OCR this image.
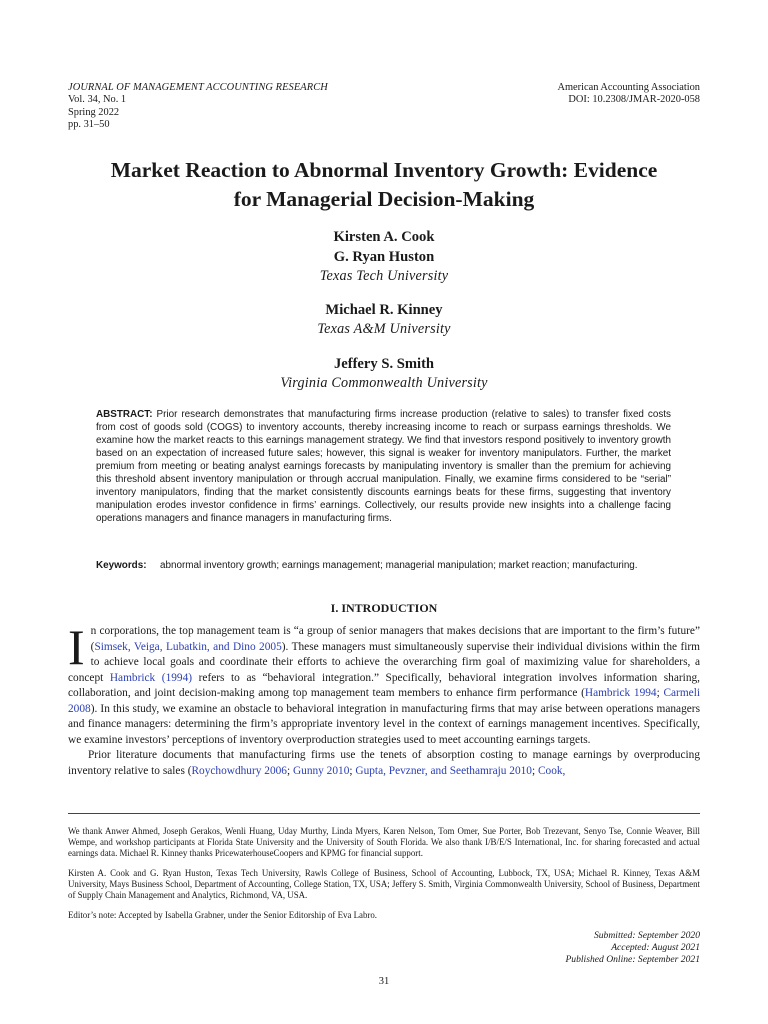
JOURNAL OF MANAGEMENT ACCOUNTING RESEARCH
Vol. 34, No. 1
Spring 2022
pp. 31–50
American Accounting Association
DOI: 10.2308/JMAR-2020-058
Market Reaction to Abnormal Inventory Growth: Evidence
for Managerial Decision-Making
Kirsten A. Cook
G. Ryan Huston
Texas Tech University
Michael R. Kinney
Texas A&M University
Jeffery S. Smith
Virginia Commonwealth University
ABSTRACT: Prior research demonstrates that manufacturing firms increase production (relative to sales) to transfer fixed costs from cost of goods sold (COGS) to inventory accounts, thereby increasing income to reach or surpass earnings thresholds. We examine how the market reacts to this earnings management strategy. We find that investors respond positively to inventory growth based on an expectation of increased future sales; however, this signal is weaker for inventory manipulators. Further, the market premium from meeting or beating analyst earnings forecasts by manipulating inventory is smaller than the premium for achieving this threshold absent inventory manipulation or through accrual manipulation. Finally, we examine firms considered to be “serial” inventory manipulators, finding that the market consistently discounts earnings beats for these firms, suggesting that inventory manipulation erodes investor confidence in firms’ earnings. Collectively, our results provide new insights into a challenge facing operations managers and finance managers in manufacturing firms.
Keywords: abnormal inventory growth; earnings management; managerial manipulation; market reaction; manufacturing.
I. INTRODUCTION

In corporations, the top management team is “a group of senior managers that makes decisions that are important to the firm’s future” (Simsek, Veiga, Lubatkin, and Dino 2005). These managers must simultaneously supervise their individual divisions within the firm to achieve local goals and coordinate their efforts to achieve the overarching firm goal of maximizing value for shareholders, a concept Hambrick (1994) refers to as “behavioral integration.” Specifically, behavioral integration involves information sharing, collaboration, and joint decision-making among top management team members to enhance firm performance (Hambrick 1994; Carmeli 2008). In this study, we examine an obstacle to behavioral integration in manufacturing firms that may arise between operations managers and finance managers: determining the firm’s appropriate inventory level in the context of earnings management incentives. Specifically, we examine investors’ perceptions of inventory overproduction strategies used to meet accounting earnings targets.

Prior literature documents that manufacturing firms use the tenets of absorption costing to manage earnings by overproducing inventory relative to sales (Roychowdhury 2006; Gunny 2010; Gupta, Pevzner, and Seethamraju 2010; Cook,

We thank Anwer Ahmed, Joseph Gerakos, Wenli Huang, Uday Murthy, Linda Myers, Karen Nelson, Tom Omer, Sue Porter, Bob Trezevant, Senyo Tse, Connie Weaver, Bill Wempe, and workshop participants at Florida State University and the University of South Florida. We also thank I/B/E/S International, Inc. for sharing forecasted and actual earnings data. Michael R. Kinney thanks PricewaterhouseCoopers and KPMG for financial support.
Kirsten A. Cook and G. Ryan Huston, Texas Tech University, Rawls College of Business, School of Accounting, Lubbock, TX, USA; Michael R. Kinney, Texas A&M University, Mays Business School, Department of Accounting, College Station, TX, USA; Jeffery S. Smith, Virginia Commonwealth University, School of Business, Department of Supply Chain Management and Analytics, Richmond, VA, USA.
Editor’s note: Accepted by Isabella Grabner, under the Senior Editorship of Eva Labro.
Submitted: September 2020
Accepted: August 2021
Published Online: September 2021
31
